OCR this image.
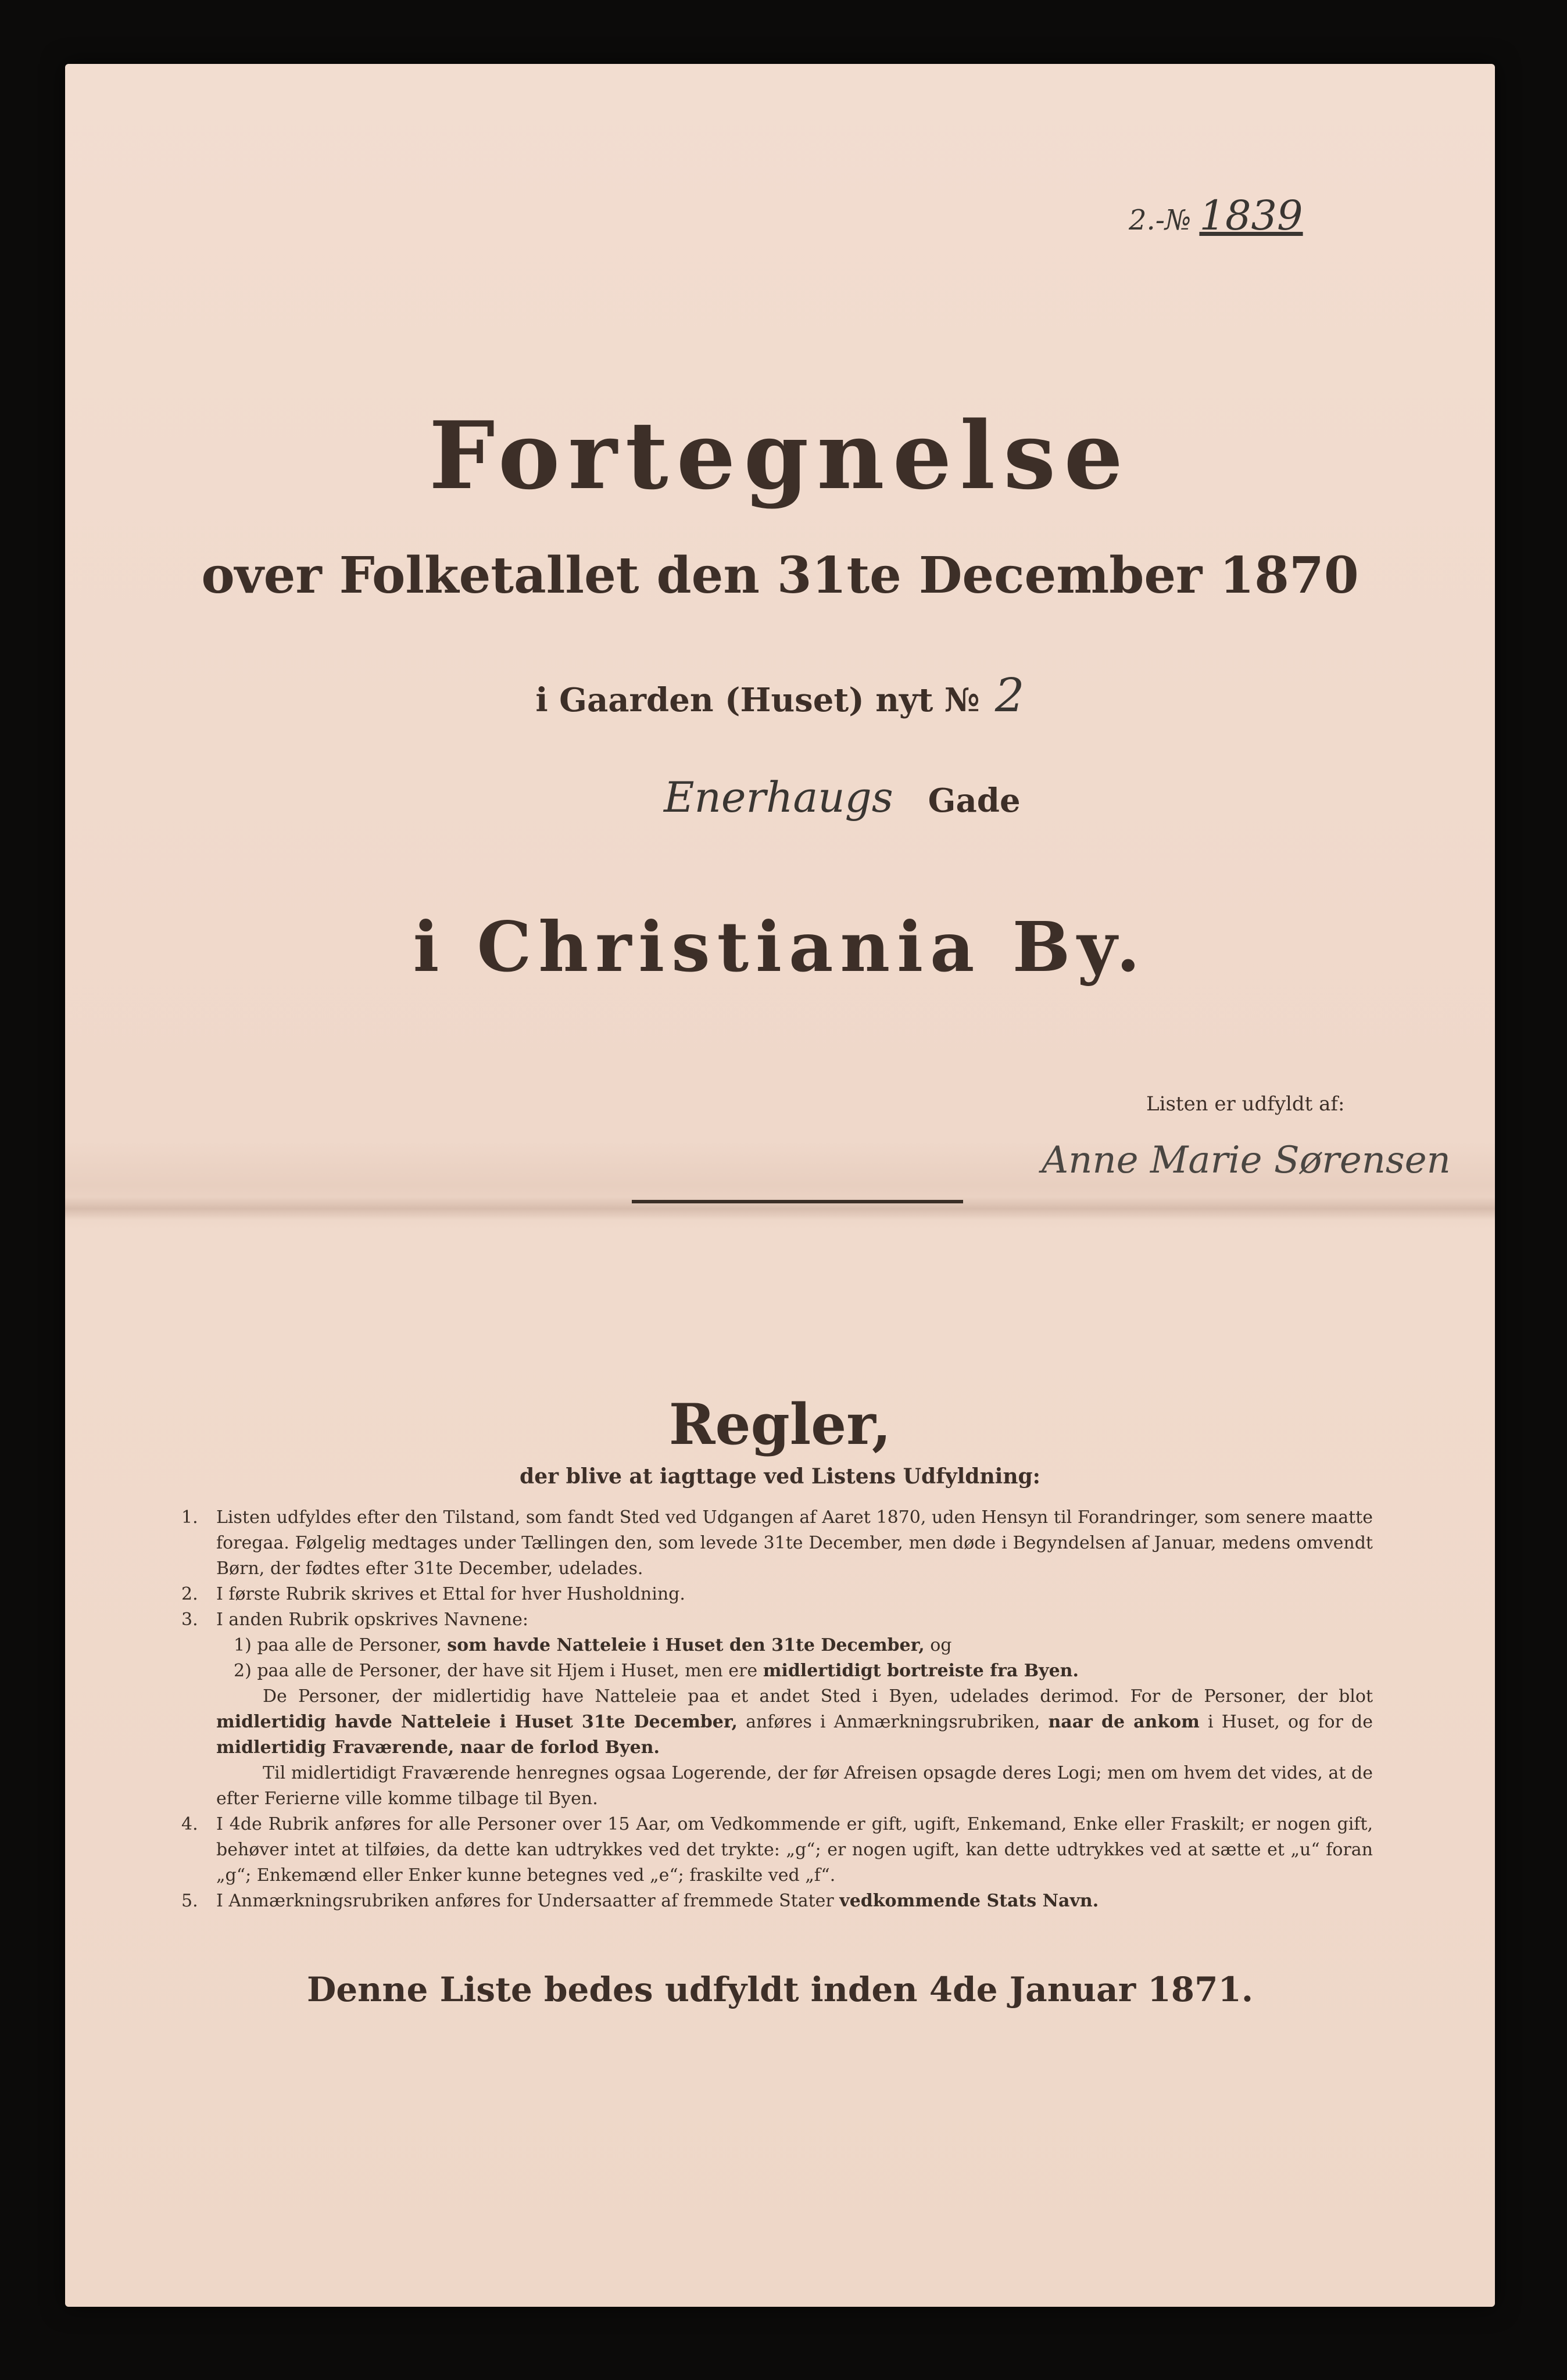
2.-№ 1839
Fortegnelse
over Folketallet den 31te December 1870
i Gaarden (Huset) nyt № 2
Enerhaugs Gade
i Christiania By.
Listen er udfyldt af:
Anne Marie Sørensen
Regler,
der blive at iagttage ved Listens Udfyldning:
1. Listen udfyldes efter den Tilstand, som fandt Sted ved Udgangen af Aaret 1870, uden Hensyn til Forandringer, som senere maatte foregaa. Følgelig medtages under Tællingen den, som levede 31te December, men døde i Begyndelsen af Januar, medens omvendt Børn, der fødtes efter 31te December, udelades.
2. I første Rubrik skrives et Ettal for hver Husholdning.
3. I anden Rubrik opskrives Navnene:
1) paa alle de Personer, som havde Natteleie i Huset den 31te December, og
2) paa alle de Personer, der have sit Hjem i Huset, men ere midlertidigt bortreiste fra Byen.
De Personer, der midlertidig have Natteleie paa et andet Sted i Byen, udelades derimod. For de Personer, der blot midlertidig havde Natteleie i Huset 31te December, anføres i Anmærkningsrubriken, naar de ankom i Huset, og for de midlertidig Fraværende, naar de forlod Byen.
Til midlertidigt Fraværende henregnes ogsaa Logerende, der før Afreisen opsagde deres Logi; men om hvem det vides, at de efter Ferierne ville komme tilbage til Byen.
4. I 4de Rubrik anføres for alle Personer over 15 Aar, om Vedkommende er gift, ugift, Enkemand, Enke eller Fraskilt; er nogen gift, behøver intet at tilføies, da dette kan udtrykkes ved det trykte: „g“; er nogen ugift, kan dette udtrykkes ved at sætte et „u“ foran „g“; Enkemænd eller Enker kunne betegnes ved „e“; fraskilte ved „f“.
5. I Anmærkningsrubriken anføres for Undersaatter af fremmede Stater vedkommende Stats Navn.
Denne Liste bedes udfyldt inden 4de Januar 1871.
